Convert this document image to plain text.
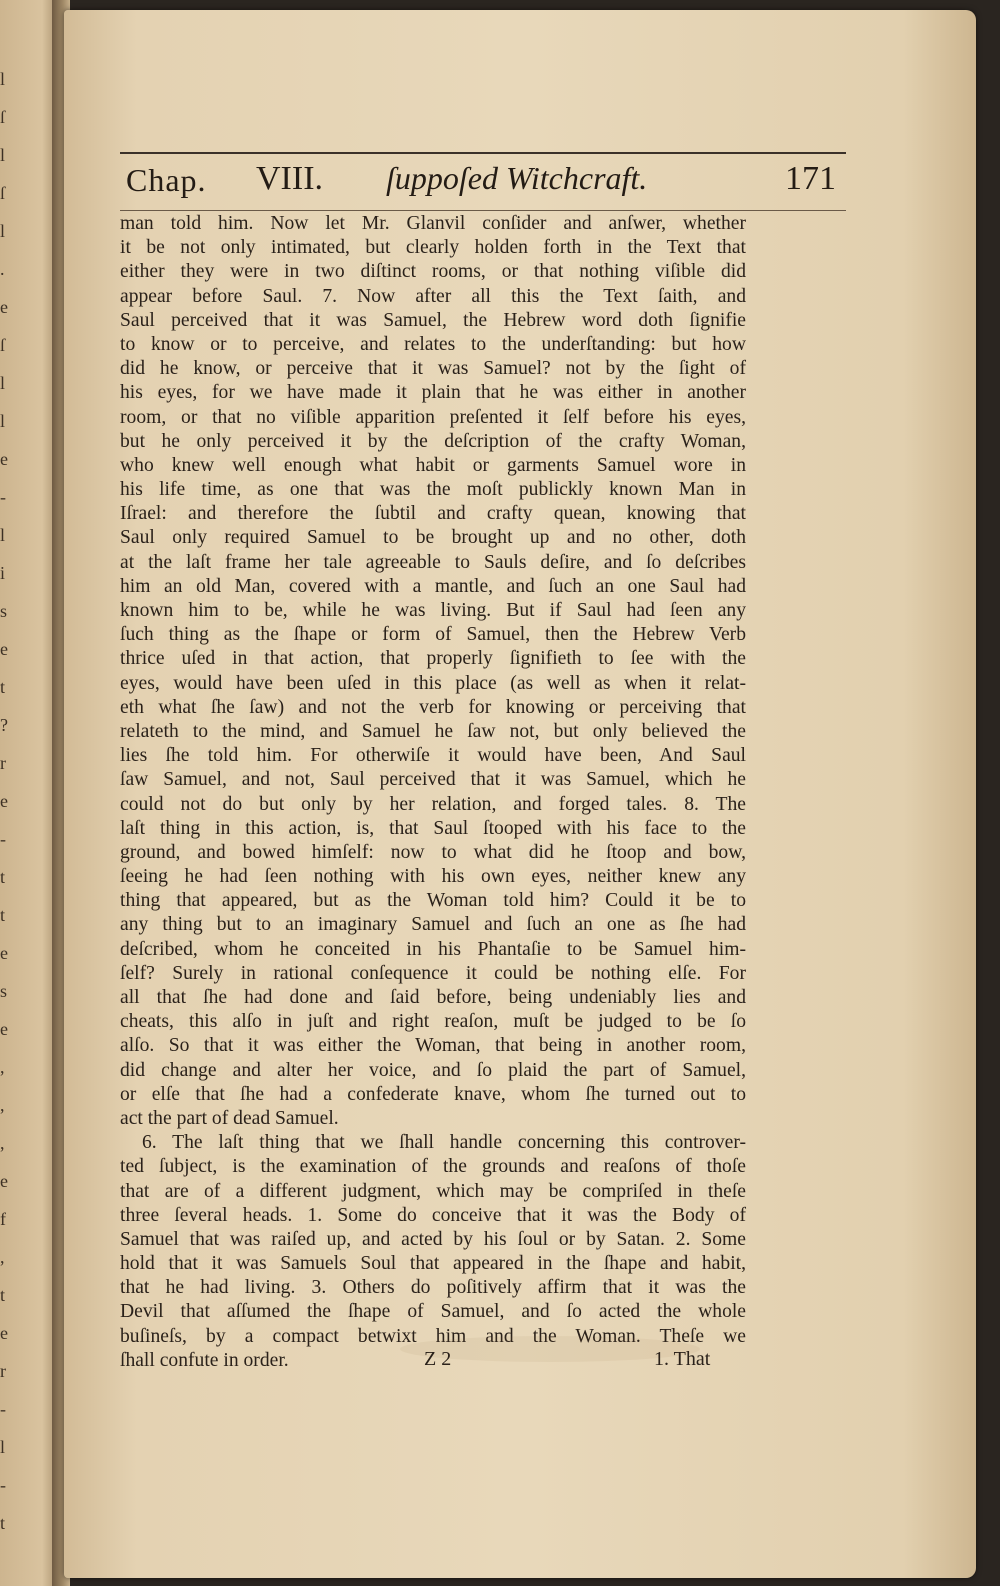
l
ſ
l
ſ
l
.
e
ſ
l
l
e
-
l
i
s
e
t
?
r
e
-
t
t
e
s
e
,
,
,
e
f
,
t
e
r
-
l
-
t
Chap. VIII. ſuppoſed Witchcraft.	171
man told him. Now let Mr. Glanvil conſider and anſwer, whether
it be not only intimated, but clearly holden forth in the Text that
either they were in two diſtinct rooms, or that nothing viſible did
appear before Saul. 7. Now after all this the Text ſaith, and
Saul perceived that it was Samuel, the Hebrew word doth ſignifie
to know or to perceive, and relates to the underſtanding: but how
did he know, or perceive that it was Samuel? not by the ſight of
his eyes, for we have made it plain that he was either in another
room, or that no viſible apparition preſented it ſelf before his eyes,
but he only perceived it by the deſcription of the crafty Woman,
who knew well enough what habit or garments Samuel wore in
his life time, as one that was the moſt publickly known Man in
Iſrael: and therefore the ſubtil and crafty quean, knowing that
Saul only required Samuel to be brought up and no other, doth
at the laſt frame her tale agreeable to Sauls deſire, and ſo deſcribes
him an old Man, covered with a mantle, and ſuch an one Saul had
known him to be, while he was living. But if Saul had ſeen any
ſuch thing as the ſhape or form of Samuel, then the Hebrew Verb
thrice uſed in that action, that properly ſignifieth to ſee with the
eyes, would have been uſed in this place (as well as when it relat-
eth what ſhe ſaw) and not the verb for knowing or perceiving that
relateth to the mind, and Samuel he ſaw not, but only believed the
lies ſhe told him. For otherwiſe it would have been, And Saul
ſaw Samuel, and not, Saul perceived that it was Samuel, which he
could not do but only by her relation, and forged tales. 8. The
laſt thing in this action, is, that Saul ſtooped with his face to the
ground, and bowed himſelf: now to what did he ſtoop and bow,
ſeeing he had ſeen nothing with his own eyes, neither knew any
thing that appeared, but as the Woman told him? Could it be to
any thing but to an imaginary Samuel and ſuch an one as ſhe had
deſcribed, whom he conceited in his Phantaſie to be Samuel him-
ſelf? Surely in rational conſequence it could be nothing elſe. For
all that ſhe had done and ſaid before, being undeniably lies and
cheats, this alſo in juſt and right reaſon, muſt be judged to be ſo
alſo. So that it was either the Woman, that being in another room,
did change and alter her voice, and ſo plaid the part of Samuel,
or elſe that ſhe had a confederate knave, whom ſhe turned out to
act the part of dead Samuel.
6. The laſt thing that we ſhall handle concerning this controver-
ted ſubject, is the examination of the grounds and reaſons of thoſe
that are of a different judgment, which may be compriſed in theſe
three ſeveral heads. 1. Some do conceive that it was the Body of
Samuel that was raiſed up, and acted by his ſoul or by Satan. 2. Some
hold that it was Samuels Soul that appeared in the ſhape and habit,
that he had living. 3. Others do poſitively affirm that it was the
Devil that aſſumed the ſhape of Samuel, and ſo acted the whole
buſineſs, by a compact betwixt him and the Woman. Theſe we
ſhall confute in order.	Z 2	1. That
